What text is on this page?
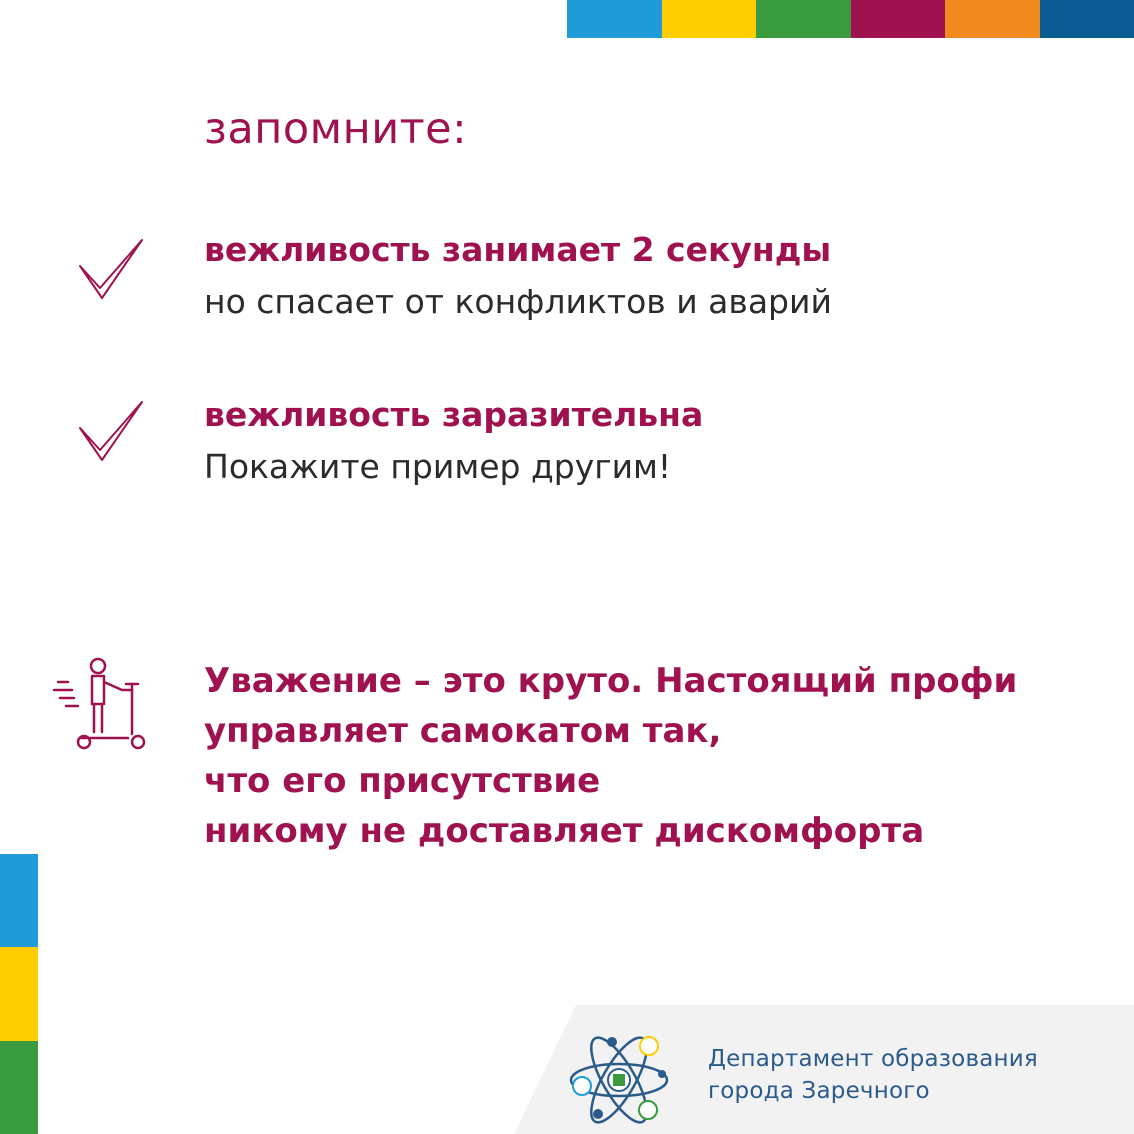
запомните:
вежливость занимает 2 секунды
но спасает от конфликтов и аварий
вежливость заразительна
Покажите пример другим!
Уважение – это круто. Настоящий профи
управляет самокатом так,
что его присутствие
никому не доставляет дискомфорта
Департамент образования
города Заречного
